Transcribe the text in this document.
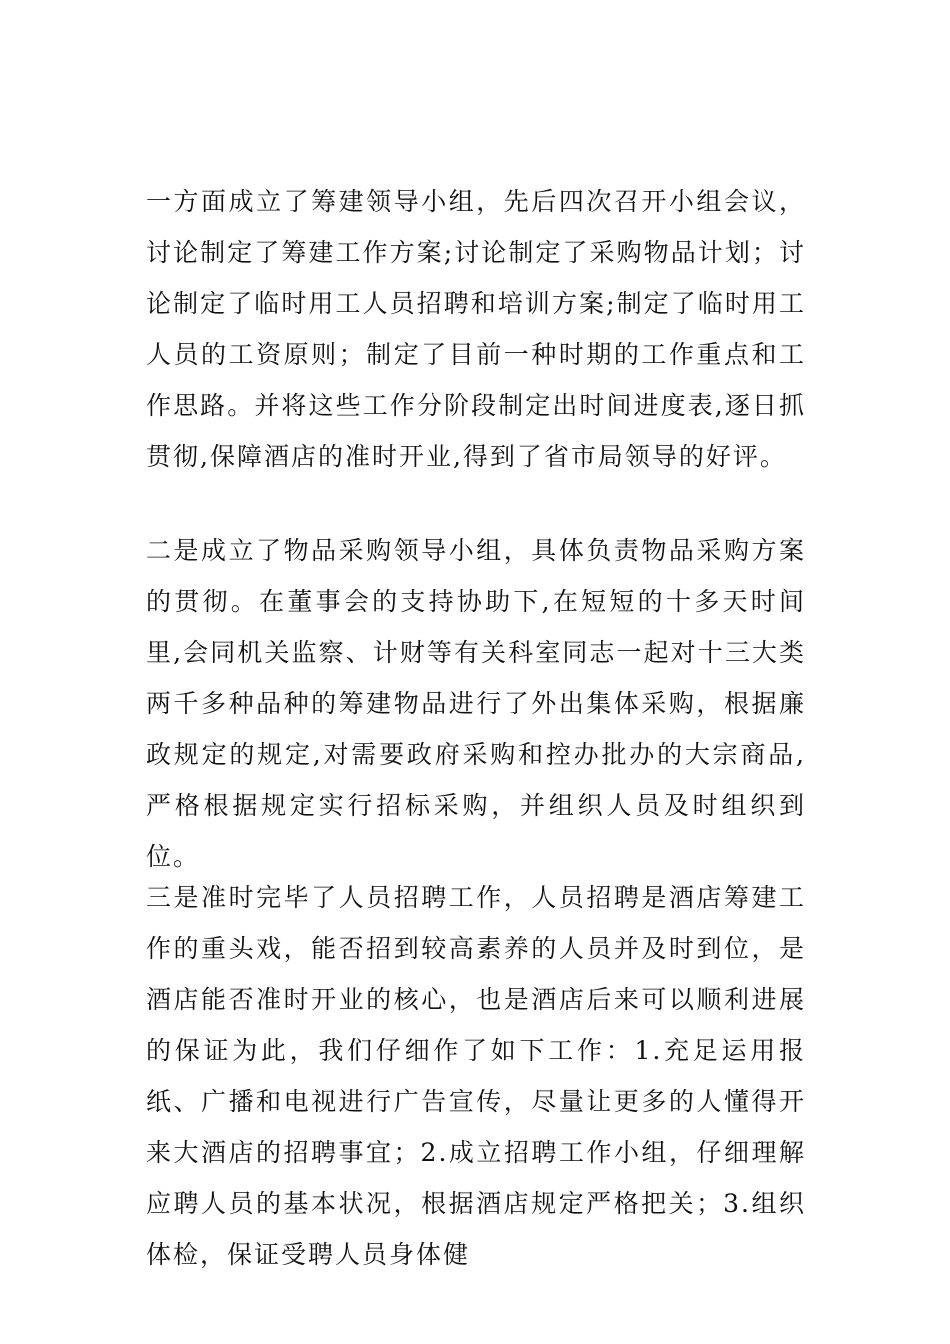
一方面成立了筹建领导小组，先后四次召开小组会议，讨论制定了筹建工作方案;讨论制定了采购物品计划；讨论制定了临时用工人员招聘和培训方案;制定了临时用工人员的工资原则；制定了目前一种时期的工作重点和工作思路。并将这些工作分阶段制定出时间进度表,逐日抓贯彻,保障酒店的准时开业,得到了省市局领导的好评。

二是成立了物品采购领导小组，具体负责物品采购方案的贯彻。在董事会的支持协助下,在短短的十多天时间里,会同机关监察、计财等有关科室同志一起对十三大类两千多种品种的筹建物品进行了外出集体采购，根据廉政规定的规定,对需要政府采购和控办批办的大宗商品,严格根据规定实行招标采购，并组织人员及时组织到位。

三是准时完毕了人员招聘工作，人员招聘是酒店筹建工作的重头戏，能否招到较高素养的人员并及时到位，是酒店能否准时开业的核心，也是酒店后来可以顺利进展的保证为此，我们仔细作了如下工作：1.充足运用报纸、广播和电视进行广告宣传，尽量让更多的人懂得开来大酒店的招聘事宜；2.成立招聘工作小组，仔细理解应聘人员的基本状况，根据酒店规定严格把关；3.组织体检，保证受聘人员身体健
